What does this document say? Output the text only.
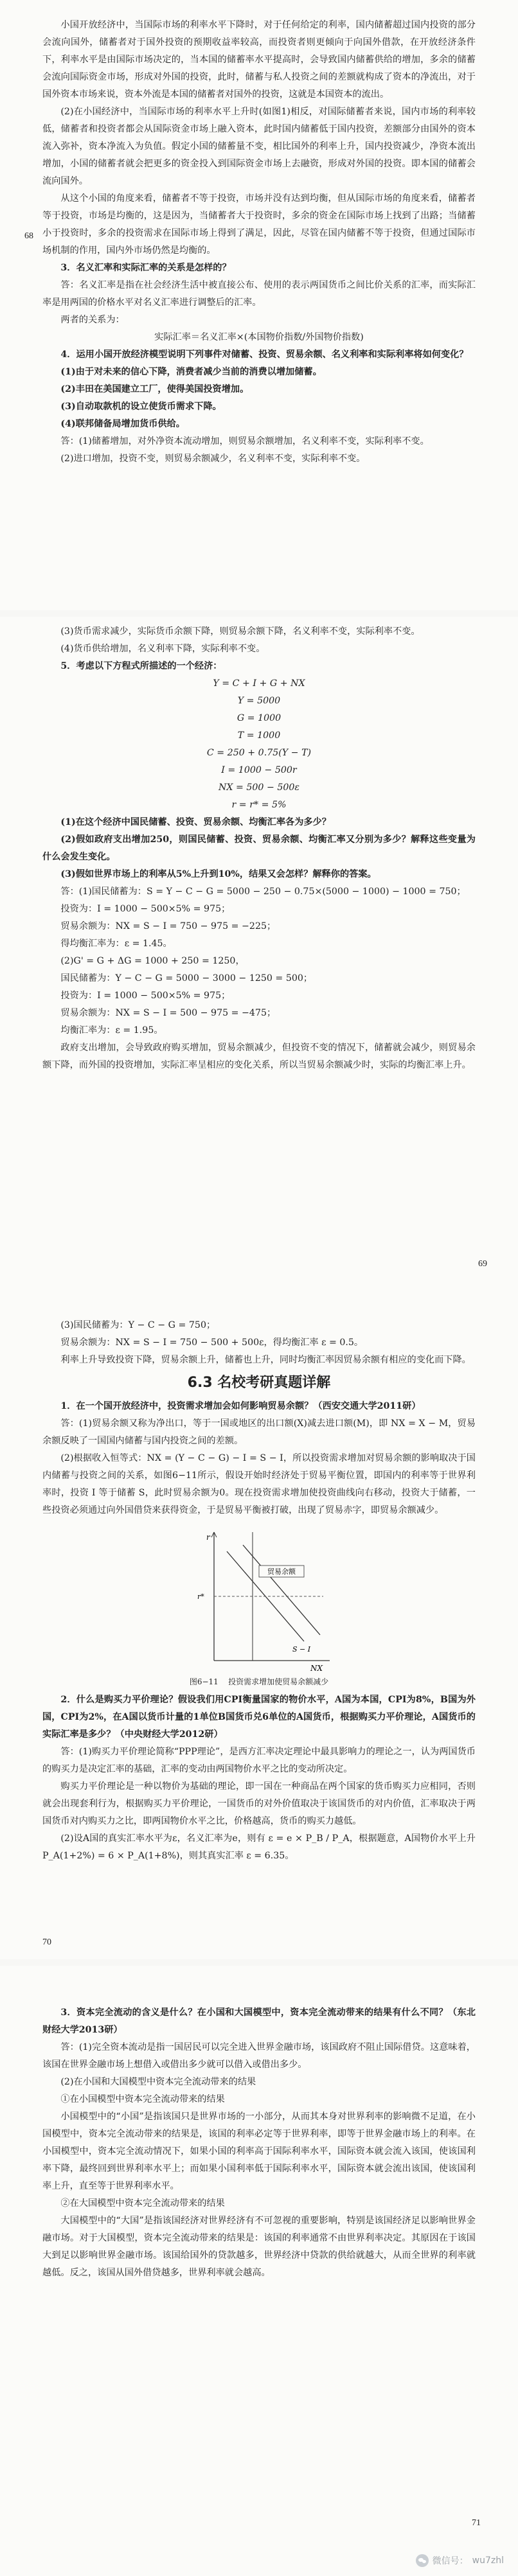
小国开放经济中，当国际市场的利率水平下降时，对于任何给定的利率，国内储蓄超过国内投资的部分会流向国外，储蓄者对于国外投资的预期收益率较高，而投资者则更倾向于向国外借款，在开放经济条件下，利率水平是由国际市场决定的，当本国的储蓄率水平提高时，会导致国内储蓄供给的增加，多余的储蓄会流向国际资金市场，形成对外国的投资，此时，储蓄与私人投资之间的差额就构成了资本的净流出，对于国外资本市场来说，资本外流是本国的储蓄者对国外的投资，这就是本国资本的流出。

(2)在小国经济中，当国际市场的利率水平上升时(如图1)相反，对国际储蓄者来说，国内市场的利率较低，储蓄者和投资者都会从国际资金市场上融入资本，此时国内储蓄低于国内投资，差额部分由国外的资本流入弥补，资本净流入为负值。假定小国的储蓄量不变，相比国外的利率上升，国内投资减少，净资本流出增加，小国的储蓄者就会把更多的资金投入到国际资金市场上去融资，形成对外国的投资。即本国的储蓄会流向国外。

从这个小国的角度来看，储蓄者不等于投资，市场并没有达到均衡，但从国际市场的角度来看，储蓄者等于投资，市场是均衡的，这是因为，当储蓄者大于投资时，多余的资金在国际市场上找到了出路；当储蓄小于投资时，多余的投资需求在国际市场上得到了满足，因此，尽管在国内储蓄不等于投资，但通过国际市场机制的作用，国内外市场仍然是均衡的。

3．名义汇率和实际汇率的关系是怎样的？

答：名义汇率是指在社会经济生活中被直接公布、使用的表示两国货币之间比价关系的汇率，而实际汇率是用两国的价格水平对名义汇率进行调整后的汇率。

两者的关系为：

实际汇率＝名义汇率×(本国物价指数/外国物价指数)

4．运用小国开放经济模型说明下列事件对储蓄、投资、贸易余额、名义利率和实际利率将如何变化？

(1)由于对未来的信心下降，消费者减少当前的消费以增加储蓄。

(2)丰田在美国建立工厂，使得美国投资增加。

(3)自动取款机的设立使货币需求下降。

(4)联邦储备局增加货币供给。

答：(1)储蓄增加，对外净资本流动增加，则贸易余额增加，名义利率不变，实际利率不变。

(2)进口增加，投资不变，则贸易余额减少，名义利率不变，实际利率不变。

68

(3)货币需求减少，实际货币余额下降，则贸易余额下降，名义利率不变，实际利率不变。

(4)货币供给增加，名义利率下降，实际利率不变。

5．考虑以下方程式所描述的一个经济：

Y = C + I + G + NX

Y = 5000

G = 1000

T = 1000

C = 250 + 0.75(Y − T)

I = 1000 − 500r

NX = 500 − 500ε

r = r* = 5%

(1)在这个经济中国民储蓄、投资、贸易余额、均衡汇率各为多少？

(2)假如政府支出增加250，则国民储蓄、投资、贸易余额、均衡汇率又分别为多少？解释这些变量为什么会发生变化。

(3)假如世界市场上的利率从5%上升到10%，结果又会怎样？解释你的答案。

答：(1)国民储蓄为：S = Y − C − G = 5000 − 250 − 0.75×(5000 − 1000) − 1000 = 750；

投资为：I = 1000 − 500×5% = 975；

贸易余额为：NX = S − I = 750 − 975 = −225；

得均衡汇率为：ε = 1.45。

(2)G' = G + ΔG = 1000 + 250 = 1250，

国民储蓄为：Y − C − G = 5000 − 3000 − 1250 = 500；

投资为：I = 1000 − 500×5% = 975；

贸易余额为：NX = S − I = 500 − 975 = −475；

均衡汇率为：ε = 1.95。

政府支出增加，会导致政府购买增加，贸易余额减少，但投资不变的情况下，储蓄就会减少，则贸易余额下降，而外国的投资增加，实际汇率呈相应的变化关系，所以当贸易余额减少时，实际的均衡汇率上升。

69

(3)国民储蓄为：Y − C − G = 750；

贸易余额为：NX = S − I = 750 − 500 + 500ε，得均衡汇率 ε = 0.5。

利率上升导致投资下降，贸易余额上升，储蓄也上升，同时均衡汇率因贸易余额有相应的变化而下降。

6.3 名校考研真题详解

1．在一个国开放经济中，投资需求增加会如何影响贸易余额？（西安交通大学2011研）

答：(1)贸易余额又称为净出口，等于一国或地区的出口额(X)减去进口额(M)，即 NX = X − M，贸易余额反映了一国国内储蓄与国内投资之间的差额。

(2)根据收入恒等式：NX = (Y − C − G) − I = S − I，所以投资需求增加对贸易余额的影响取决于国内储蓄与投资之间的关系，如图6−11所示，假设开始时经济处于贸易平衡位置，即国内的利率等于世界利率时，投资 I 等于储蓄 S，此时贸易余额为0。现在投资需求增加使投资曲线向右移动，投资大于储蓄，一些投资必须通过向外国借贷来获得资金，于是贸易平衡被打破，出现了贸易赤字，即贸易余额减少。

贸易余额
r
NX
r*
S − I
图6−11 投资需求增加使贸易余额减少

2．什么是购买力平价理论？假设我们用CPI衡量国家的物价水平，A国为本国，CPI为8%，B国为外国，CPI为2%，在A国以货币计量的1单位B国货币兑6单位的A国货币，根据购买力平价理论，A国货币的实际汇率是多少？（中央财经大学2012研）

答：(1)购买力平价理论简称“PPP理论”，是西方汇率决定理论中最具影响力的理论之一，认为两国货币的购买力是决定汇率的基础，汇率的变动由两国物价水平之比的变动所决定。

购买力平价理论是一种以物价为基础的理论，即一国在一种商品在两个国家的货币购买力应相同，否则就会出现套利行为，根据购买力平价理论，一国货币的对外价值取决于该国货币的对内价值，汇率取决于两国货币对内购买力之比，即两国物价水平之比，价格越高，货币的购买力越低。

(2)设A国的真实汇率水平为ε，名义汇率为e，则有 ε = e × P_B / P_A，根据题意，A国物价水平上升 P_A(1+2%) = 6 × P_A(1+8%)，则其真实汇率 ε = 6.35。

70

3．资本完全流动的含义是什么？在小国和大国模型中，资本完全流动带来的结果有什么不同？（东北财经大学2013研）

答：(1)完全资本流动是指一国居民可以完全进入世界金融市场，该国政府不阻止国际借贷。这意味着，该国在世界金融市场上想借入或借出多少就可以借入或借出多少。

(2)在小国和大国模型中资本完全流动带来的结果

①在小国模型中资本完全流动带来的结果

小国模型中的“小国”是指该国只是世界市场的一小部分，从而其本身对世界利率的影响微不足道，在小国模型中，资本完全流动带来的结果是，该国的利率必定等于世界利率，即等于世界金融市场上的利率。在小国模型中，资本完全流动情况下，如果小国的利率高于国际利率水平，国际资本就会流入该国，使该国利率下降，最终回到世界利率水平上；而如果小国利率低于国际利率水平，国际资本就会流出该国，使该国利率上升，直至等于世界利率水平。

②在大国模型中资本完全流动带来的结果

大国模型中的“大国”是指该国经济对世界经济有不可忽视的重要影响，特别是该国经济足以影响世界金融市场。对于大国模型，资本完全流动带来的结果是：该国的利率通常不由世界利率决定。其原因在于该国大到足以影响世界金融市场。该国给国外的贷款越多，世界经济中贷款的供给就越大，从而全世界的利率就越低。反之，该国从国外借贷越多，世界利率就会越高。

71
微信号： wu7zhl
